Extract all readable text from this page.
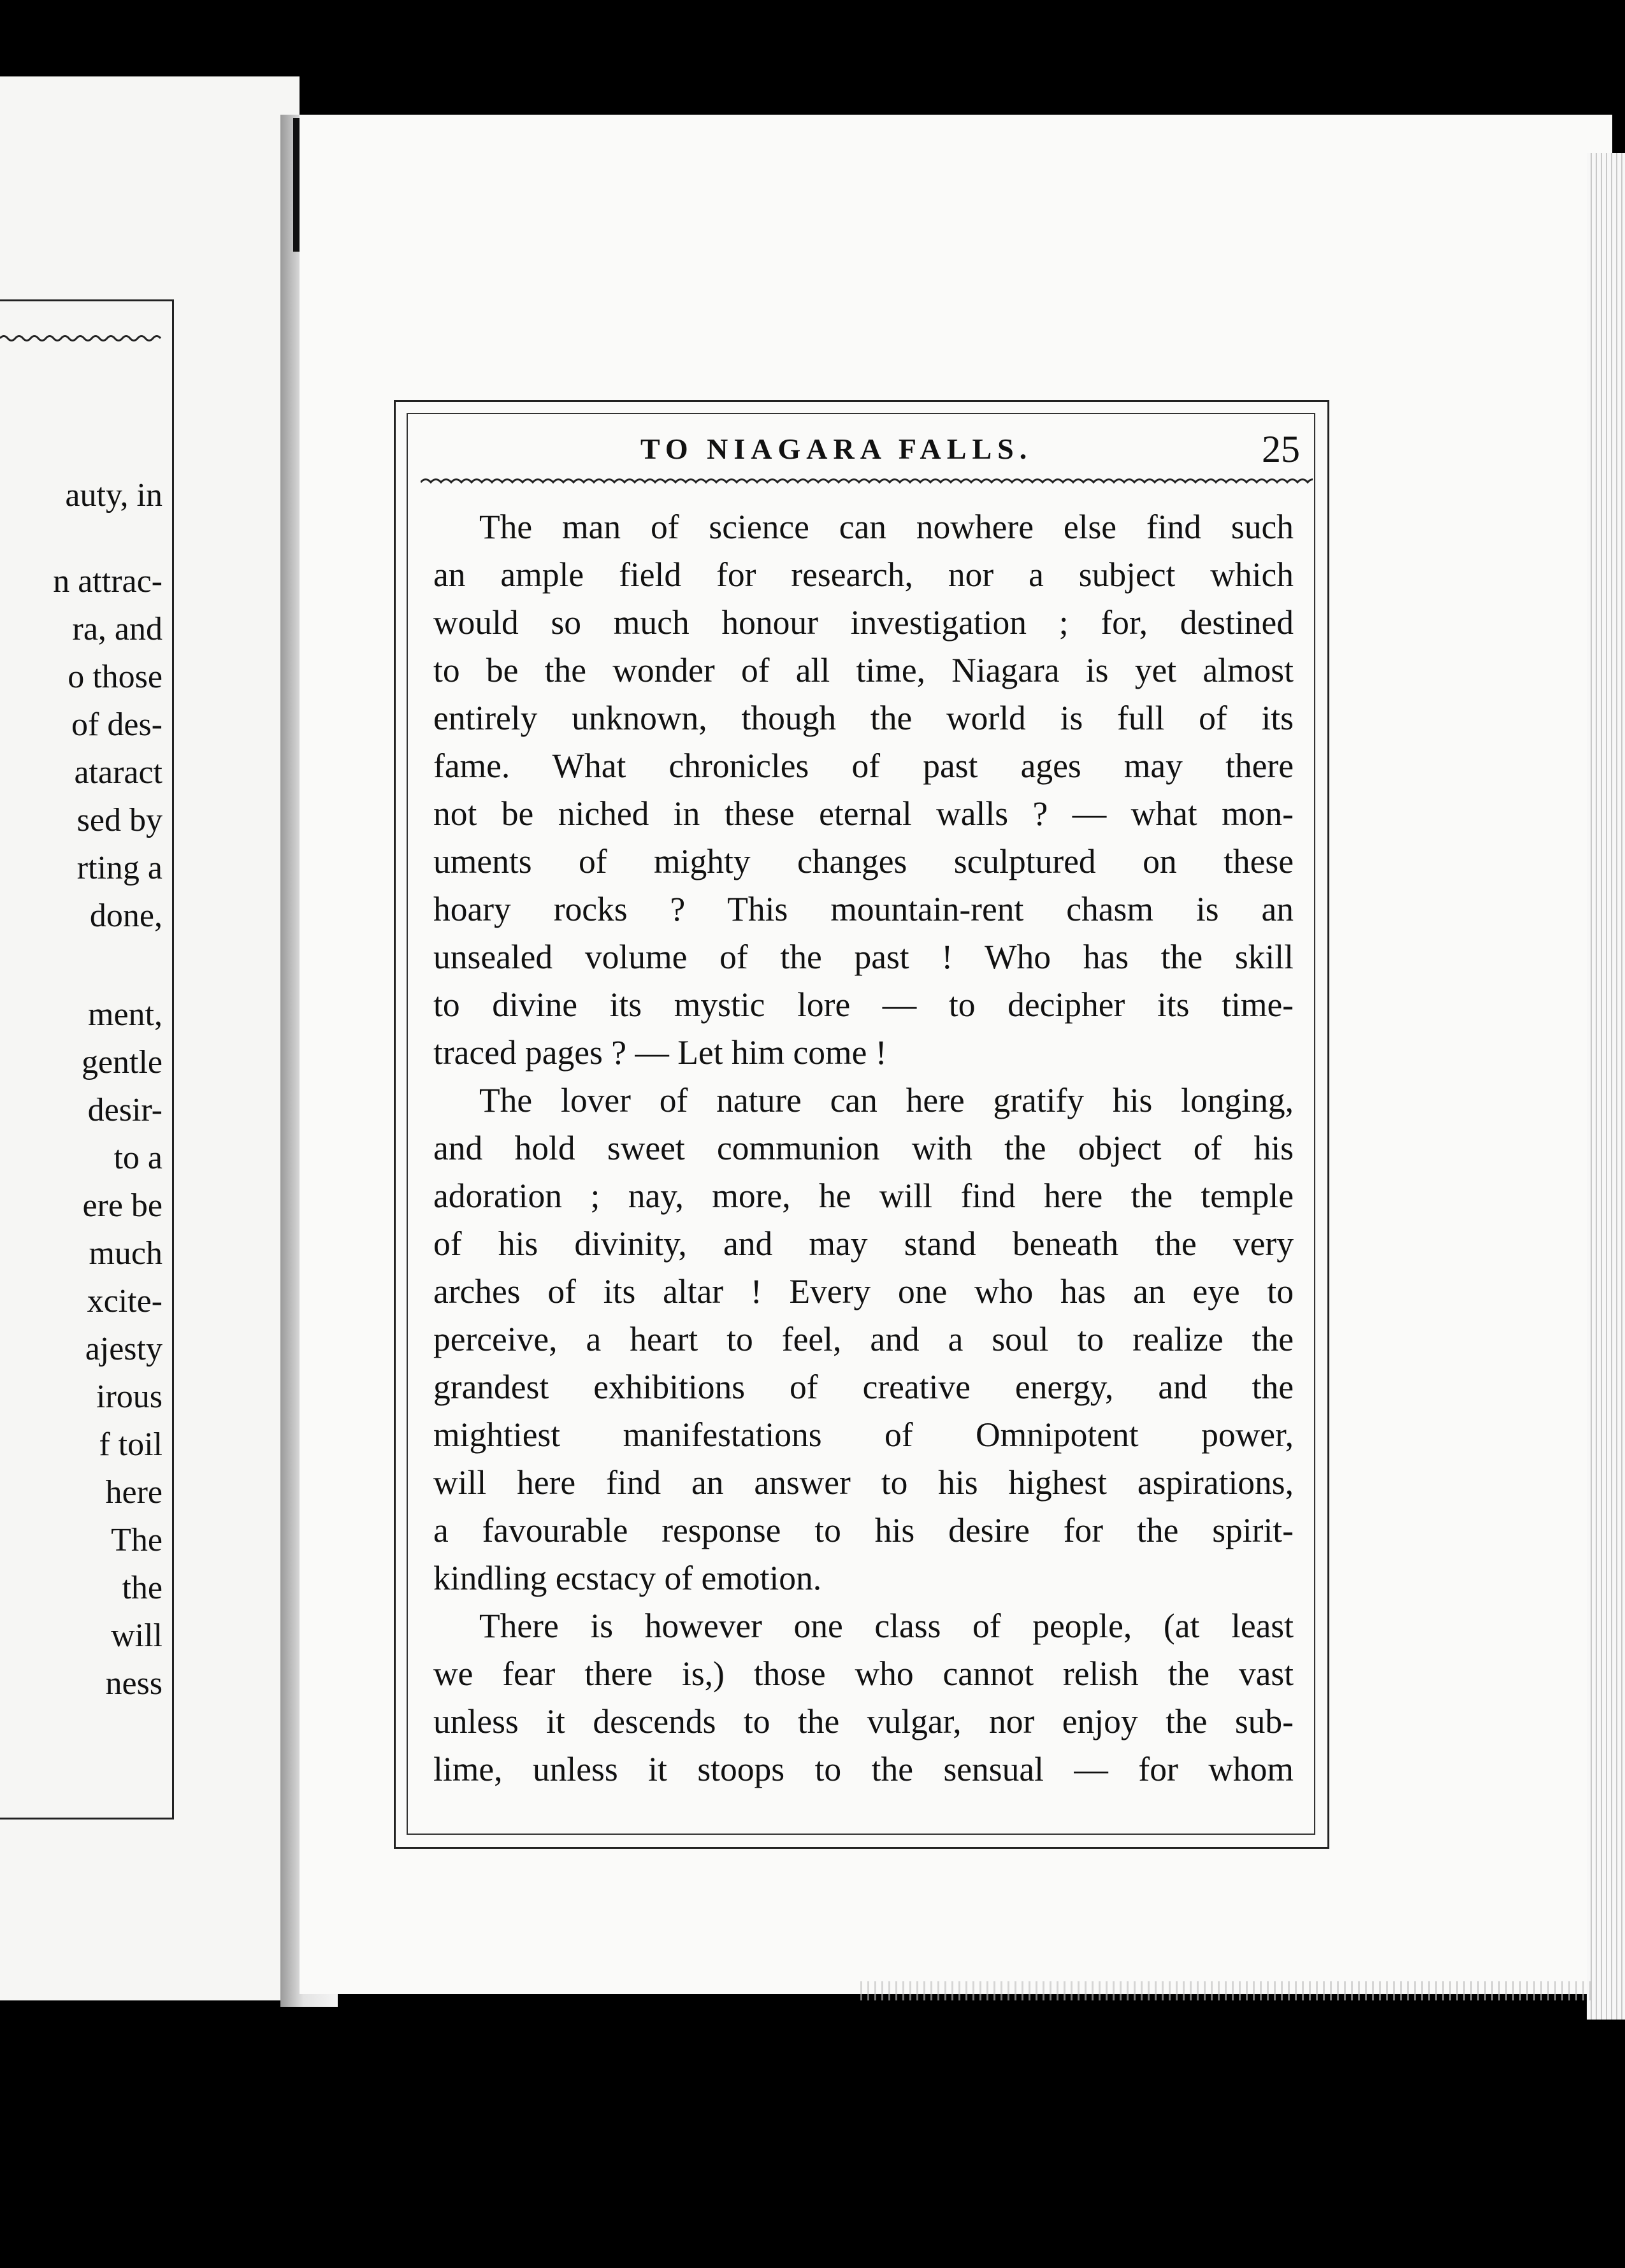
auty, in
n attrac-
ra, and
o those
of des-
ataract
sed by
rting a
done,
ment,
gentle
desir-
to a
ere be
much
xcite-
ajesty
irous
f toil
here
The
the
will
ness
TO NIAGARA FALLS.	25
The man of science can nowhere else find such
an ample field for research, nor a subject which
would so much honour investigation ; for, destined
to be the wonder of all time, Niagara is yet almost
entirely unknown, though the world is full of its
fame. What chronicles of past ages may there
not be niched in these eternal walls ? — what mon-
uments of mighty changes sculptured on these
hoary rocks ? This mountain-rent chasm is an
unsealed volume of the past ! Who has the skill
to divine its mystic lore — to decipher its time-
traced pages ? — Let him come !
The lover of nature can here gratify his longing,
and hold sweet communion with the object of his
adoration ; nay, more, he will find here the temple
of his divinity, and may stand beneath the very
arches of its altar ! Every one who has an eye to
perceive, a heart to feel, and a soul to realize the
grandest exhibitions of creative energy, and the
mightiest manifestations of Omnipotent power,
will here find an answer to his highest aspirations,
a favourable response to his desire for the spirit-
kindling ecstacy of emotion.
There is however one class of people, (at least
we fear there is,) those who cannot relish the vast
unless it descends to the vulgar, nor enjoy the sub-
lime, unless it stoops to the sensual — for whom
